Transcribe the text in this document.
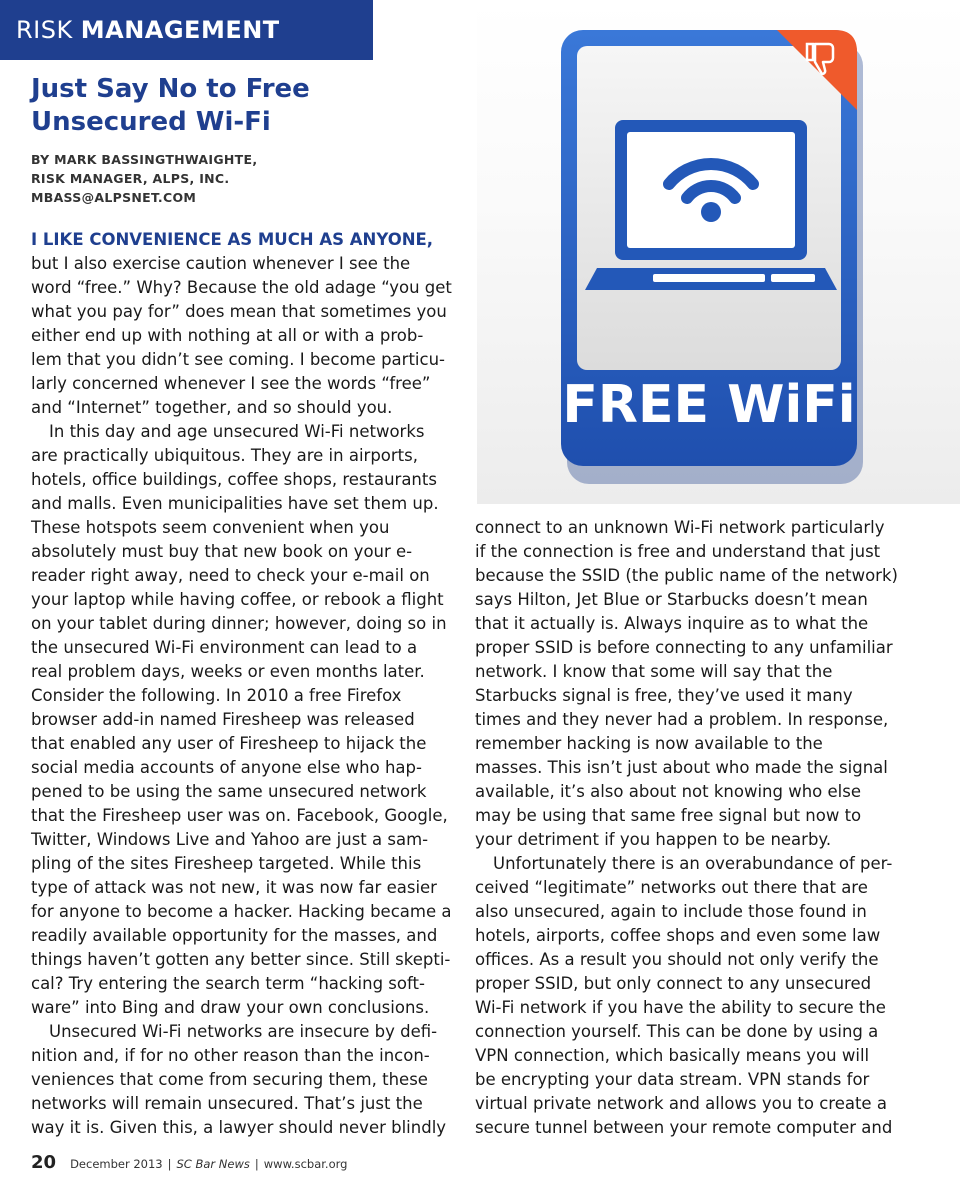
RISK MANAGEMENT
Just Say No to Free
Unsecured Wi-Fi
BY MARK BASSINGTHWAIGHTE,
RISK MANAGER, ALPS, INC.
MBASS@ALPSNET.COM
FREE WiFi
I LIKE CONVENIENCE AS MUCH AS ANYONE,

but I also exercise caution whenever I see the
word “free.” Why? Because the old adage “you get
what you pay for” does mean that sometimes you
either end up with nothing at all or with a prob-
lem that you didn’t see coming. I become particu-
larly concerned whenever I see the words “free”
and “Internet” together, and so should you.

In this day and age unsecured Wi-Fi networks
are practically ubiquitous. They are in airports,
hotels, office buildings, coffee shops, restaurants
and malls. Even municipalities have set them up.
These hotspots seem convenient when you
absolutely must buy that new book on your e-
reader right away, need to check your e-mail on
your laptop while having coffee, or rebook a flight
on your tablet during dinner; however, doing so in
the unsecured Wi-Fi environment can lead to a
real problem days, weeks or even months later.
Consider the following. In 2010 a free Firefox
browser add-in named Firesheep was released
that enabled any user of Firesheep to hijack the
social media accounts of anyone else who hap-
pened to be using the same unsecured network
that the Firesheep user was on. Facebook, Google,
Twitter, Windows Live and Yahoo are just a sam-
pling of the sites Firesheep targeted. While this
type of attack was not new, it was now far easier
for anyone to become a hacker. Hacking became a
readily available opportunity for the masses, and
things haven’t gotten any better since. Still skepti-
cal? Try entering the search term “hacking soft-
ware” into Bing and draw your own conclusions.

Unsecured Wi-Fi networks are insecure by defi-
nition and, if for no other reason than the incon-
veniences that come from securing them, these
networks will remain unsecured. That’s just the
way it is. Given this, a lawyer should never blindly

connect to an unknown Wi-Fi network particularly
if the connection is free and understand that just
because the SSID (the public name of the network)
says Hilton, Jet Blue or Starbucks doesn’t mean
that it actually is. Always inquire as to what the
proper SSID is before connecting to any unfamiliar
network. I know that some will say that the
Starbucks signal is free, they’ve used it many
times and they never had a problem. In response,
remember hacking is now available to the
masses. This isn’t just about who made the signal
available, it’s also about not knowing who else
may be using that same free signal but now to
your detriment if you happen to be nearby.

Unfortunately there is an overabundance of per-
ceived “legitimate” networks out there that are
also unsecured, again to include those found in
hotels, airports, coffee shops and even some law
offices. As a result you should not only verify the
proper SSID, but only connect to any unsecured
Wi-Fi network if you have the ability to secure the
connection yourself. This can be done by using a
VPN connection, which basically means you will
be encrypting your data stream. VPN stands for
virtual private network and allows you to create a
secure tunnel between your remote computer and

20 December 2013 | SC Bar News | www.scbar.org
